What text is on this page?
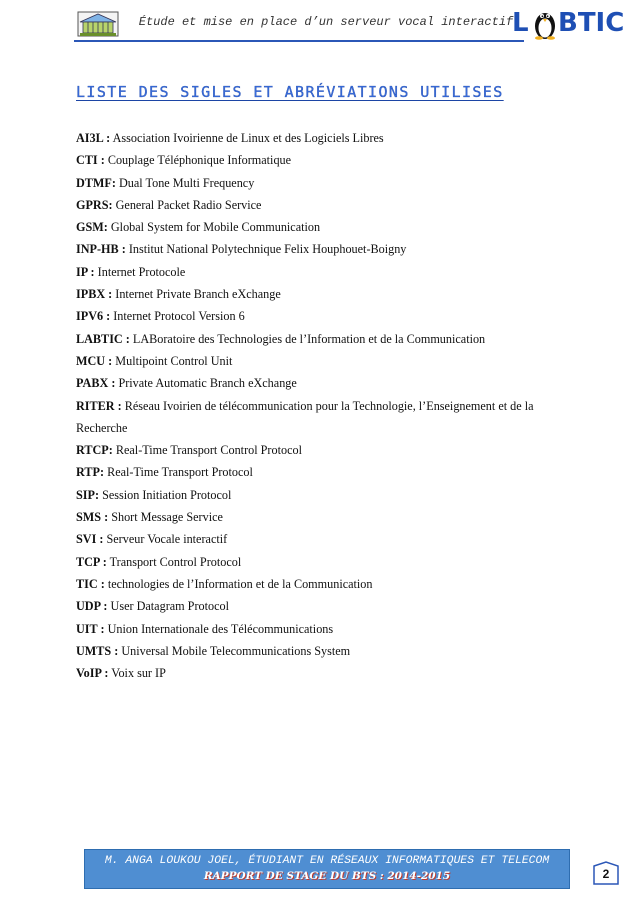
Étude et mise en place d’un serveur vocal interactif
L BTIC
LISTE DES SIGLES ET ABRÉVIATIONS UTILISES

AI3L : Association Ivoirienne de Linux et des Logiciels Libres

CTI : Couplage Téléphonique Informatique

DTMF: Dual Tone Multi Frequency

GPRS: General Packet Radio Service

GSM: Global System for Mobile Communication

INP-HB : Institut National Polytechnique Felix Houphouet-Boigny

IP : Internet Protocole

IPBX : Internet Private Branch eXchange

IPV6 : Internet Protocol Version 6

LABTIC : LABoratoire des Technologies de l’Information et de la Communication

MCU : Multipoint Control Unit

PABX : Private Automatic Branch eXchange

RITER : Réseau Ivoirien de télécommunication pour la Technologie, l’Enseignement et de la Recherche

RTCP: Real-Time Transport Control Protocol

RTP: Real-Time Transport Protocol

SIP: Session Initiation Protocol

SMS : Short Message Service

SVI : Serveur Vocale interactif

TCP : Transport Control Protocol

TIC : technologies de l’Information et de la Communication

UDP : User Datagram Protocol

UIT : Union Internationale des Télécommunications

UMTS : Universal Mobile Telecommunications System

VoIP : Voix sur IP

M. ANGA LOUKOU JOEL, ÉTUDIANT EN RÉSEAUX INFORMATIQUES ET TELECOM
RAPPORT DE STAGE DU BTS : 2014-2015	2
